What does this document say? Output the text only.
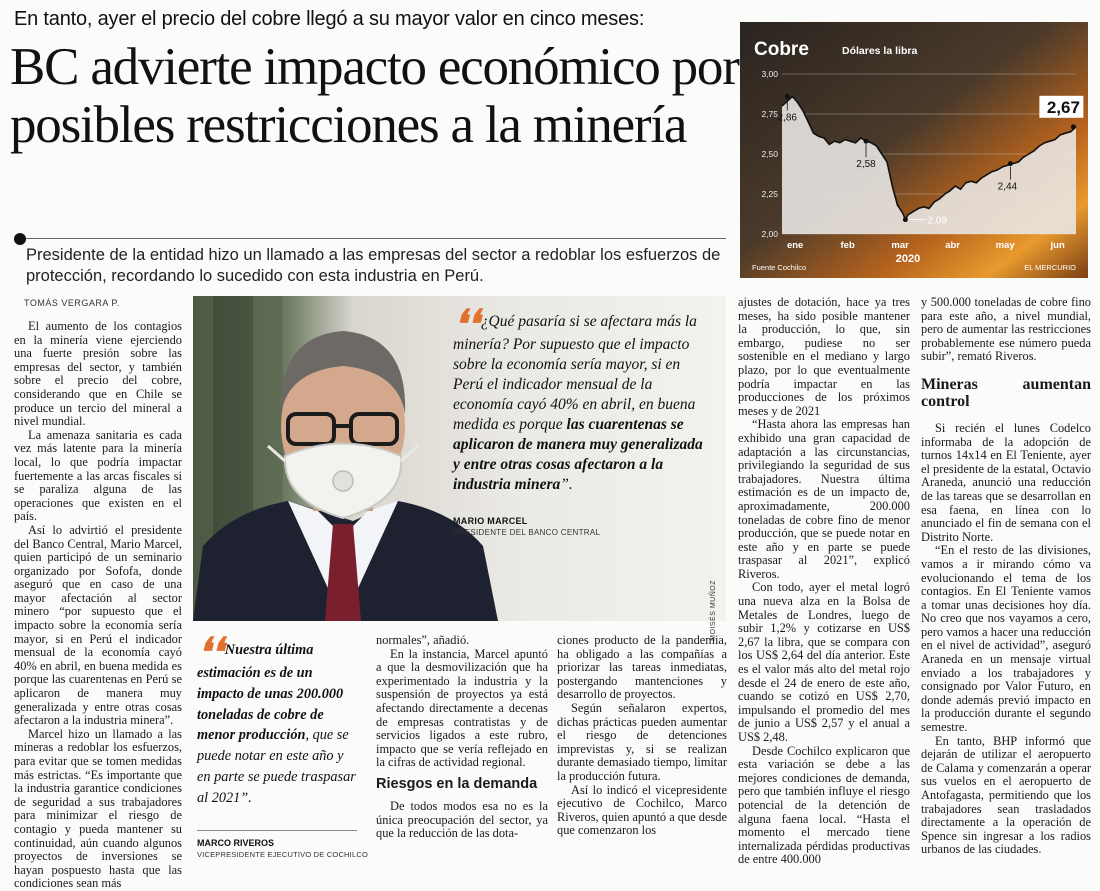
En tanto, ayer el precio del cobre llegó a su mayor valor en cinco meses:
BC advierte impacto económico por posibles restricciones a la minería
Presidente de la entidad hizo un llamado a las empresas del sector a redoblar los esfuerzos de protección, recordando lo sucedido con esta industria en Perú.
TOMÁS VERGARA P.
3,00
2,75
2,50
2,25
2,00
ene	feb	mar	abr	may	jun
2,86
2,58
2,09
2,44
2,67
Cobre	Dólares la libra
2020
Fuente Cochilco	EL MERCURIO

El aumento de los contagios en la minería viene ejerciendo una fuerte presión sobre las empresas del sector, y también sobre el precio del cobre, considerando que en Chile se produce un tercio del mineral a nivel mundial.

La amenaza sanitaria es cada vez más latente para la minería local, lo que podría impactar fuertemente a las arcas fiscales si se paraliza alguna de las operaciones que existen en el país.

Así lo advirtió el presidente del Banco Central, Mario Marcel, quien participó de un seminario organizado por Sofofa, donde aseguró que en caso de una mayor afectación al sector minero “por supuesto que el impacto sobre la economía sería mayor, si en Perú el indicador mensual de la economía cayó 40% en abril, en buena medida es porque las cuarentenas en Perú se aplicaron de manera muy generalizada y entre otras cosas afectaron a la industria minera”.

Marcel hizo un llamado a las mineras a redoblar los esfuerzos, para evitar que se tomen medidas más estrictas. “Es importante que la industria garantice condiciones de seguridad a sus trabajadores para minimizar el riesgo de contagio y pueda mantener su continuidad, aún cuando algunos proyectos de inversiones se hayan pospuesto hasta que las condiciones sean más

MOISÉS MUÑOZ
❛❛ ¿Qué pasaría si se afectara más la minería? Por supuesto que el impacto sobre la economía sería mayor, si en Perú el indicador mensual de la economía cayó 40% en abril, en buena medida es porque las cuarentenas se aplicaron de manera muy generalizada y entre otras cosas afectaron a la industria minera”.
MARIO MARCEL
PRESIDENTE DEL BANCO CENTRAL
❛❛ Nuestra última estimación es de un impacto de unas 200.000 toneladas de cobre de menor producción, que se puede notar en este año y en parte se puede traspasar al 2021”.
MARCO RIVEROS
VICEPRESIDENTE EJECUTIVO DE COCHILCO

normales”, añadió.

En la instancia, Marcel apuntó a que la desmovilización que ha experimentado la industria y la suspensión de proyectos ya está afectando directamente a decenas de empresas contratistas y de servicios ligados a este rubro, impacto que se vería reflejado en la cifras de actividad regional.

Riesgos en la demanda

De todos modos esa no es la única preocupación del sector, ya que la reducción de las dota-

ciones producto de la pandemia, ha obligado a las compañías a priorizar las tareas inmediatas, postergando mantenciones y desarrollo de proyectos.

Según señalaron expertos, dichas prácticas pueden aumentar el riesgo de detenciones imprevistas y, si se realizan durante demasiado tiempo, limitar la producción futura.

Así lo indicó el vicepresidente ejecutivo de Cochilco, Marco Riveros, quien apuntó a que desde que comenzaron los

ajustes de dotación, hace ya tres meses, ha sido posible mantener la producción, lo que, sin embargo, pudiese no ser sostenible en el mediano y largo plazo, por lo que eventualmente podría impactar en las producciones de los próximos meses y de 2021

“Hasta ahora las empresas han exhibido una gran capacidad de adaptación a las circunstancias, privilegiando la seguridad de sus trabajadores. Nuestra última estimación es de un impacto de, aproximadamente, 200.000 toneladas de cobre fino de menor producción, que se puede notar en este año y en parte se puede traspasar al 2021”, explicó Riveros.

Con todo, ayer el metal logró una nueva alza en la Bolsa de Metales de Londres, luego de subir 1,2% y cotizarse en US$ 2,67 la libra, que se compara con los US$ 2,64 del día anterior. Este es el valor más alto del metal rojo desde el 24 de enero de este año, cuando se cotizó en US$ 2,70, impulsando el promedio del mes de junio a US$ 2,57 y el anual a US$ 2,48.

Desde Cochilco explicaron que esta variación se debe a las mejores condiciones de demanda, pero que también influye el riesgo potencial de la detención de alguna faena local. “Hasta el momento el mercado tiene internalizada pérdidas productivas de entre 400.000

y 500.000 toneladas de cobre fino para este año, a nivel mundial, pero de aumentar las restricciones probablemente ese número pueda subir”, remató Riveros.

Mineras aumentan control

Si recién el lunes Codelco informaba de la adopción de turnos 14x14 en El Teniente, ayer el presidente de la estatal, Octavio Araneda, anunció una reducción de las tareas que se desarrollan en esa faena, en línea con lo anunciado el fin de semana con el Distrito Norte.

“En el resto de las divisiones, vamos a ir mirando cómo va evolucionando el tema de los contagios. En El Teniente vamos a tomar unas decisiones hoy día. No creo que nos vayamos a cero, pero vamos a hacer una reducción en el nivel de actividad”, aseguró Araneda en un mensaje virtual enviado a los trabajadores y consignado por Valor Futuro, en donde además previó impacto en la producción durante el segundo semestre.

En tanto, BHP informó que dejarán de utilizar el aeropuerto de Calama y comenzarán a operar sus vuelos en el aeropuerto de Antofagasta, permitiendo que los trabajadores sean trasladados directamente a la operación de Spence sin ingresar a los radios urbanos de las ciudades.
